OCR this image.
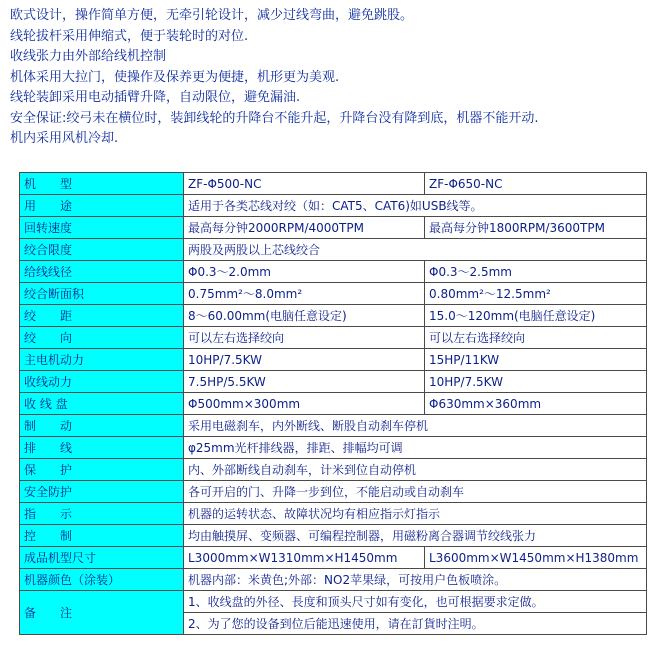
欧式设计，操作简单方便，无牵引轮设计，减少过线弯曲，避免跳股。
线轮拔杆采用伸缩式，便于装轮时的对位.
收线张力由外部给线机控制
机体采用大拉门，使操作及保养更为便捷，机形更为美观.
线轮装卸采用电动插臂升降，自动限位，避免漏油.
安全保证:绞弓未在横位时，装卸线轮的升降台不能升起，升降台没有降到底，机器不能开动.
机内采用风机冷却.
机　　型	ZF-Φ500-NC	ZF-Φ650-NC
用　　途	适用于各类芯线对绞（如：CAT5、CAT6)如USB线等。	
回转速度	最高每分钟2000RPM/4000TPM	最高每分钟1800RPM/3600TPM
绞合限度	两股及两股以上芯线绞合	
给线线径	Φ0.3～2.0mm	Φ0.3～2.5mm
绞合断面积	0.75mm²～8.0mm²	0.80mm²～12.5mm²
绞　　距	8～60.00mm(电脑任意设定)	15.0～120mm(电脑任意设定)
绞　　向	可以左右选择绞向	可以左右选择绞向
主电机动力	10HP/7.5KW	15HP/11KW
收线动力	7.5HP/5.5KW	10HP/7.5KW
收 线 盘	Φ500mm×300mm	Φ630mm×360mm
制　　动	采用电磁刹车，内外断线、断股自动刹车停机	
排　　线	φ25mm光杆排线器，排距、排幅均可调	
保　　护	内、外部断线自动刹车，计米到位自动停机	
安全防护	各可开启的门、升降一步到位，不能启动或自动刹车	
指　　示	机器的运转状态、故障状况均有相应指示灯指示	
控　　制	均由触摸屏、变频器、可编程控制器，用磁粉离合器调节绞线张力	
成品机型尺寸	L3000mm×W1310mm×H1450mm	L3600mm×W1450mm×H1380mm
机器颜色（涂装）	机器内部：米黄色;外部：NO2苹果绿，可按用户色板喷涂。	
备　　注	1、收线盘的外径、長度和顶头尺寸如有变化，也可根据要求定做。	
	2、为了您的设备到位后能迅速使用，请在訂貨时注明。	
